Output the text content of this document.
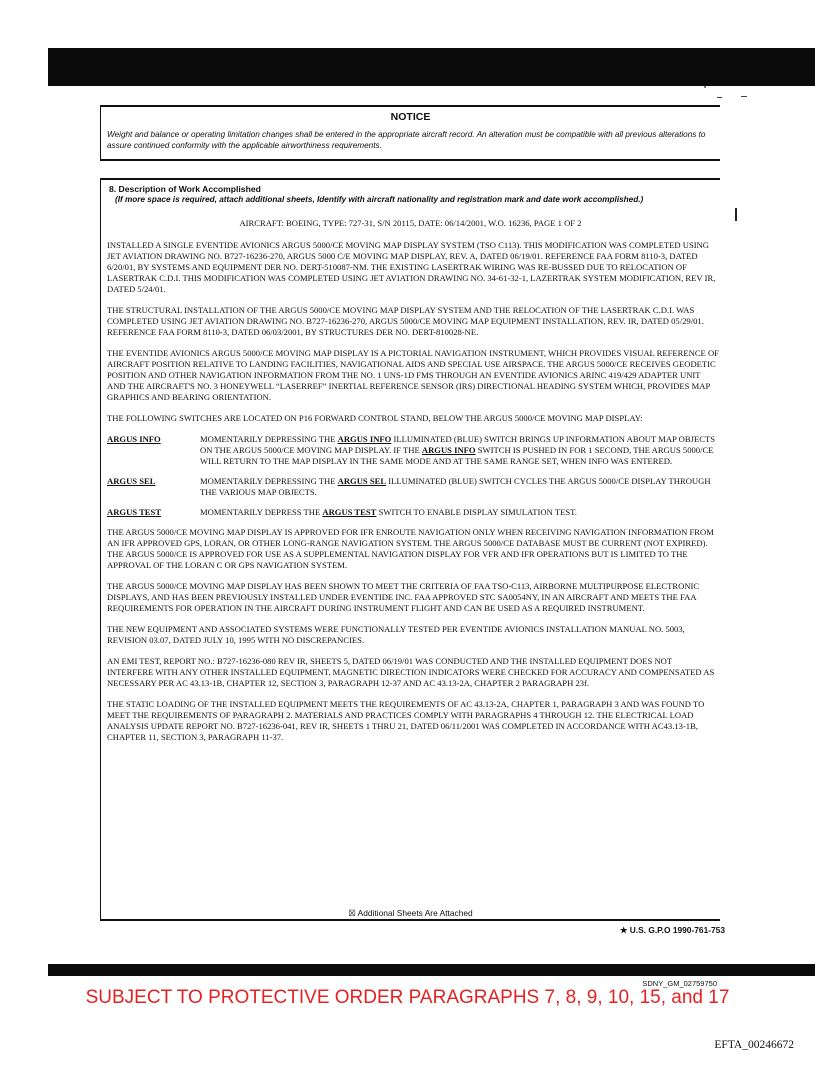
NOTICE
Weight and balance or operating limitation changes shall be entered in the appropriate aircraft record. An alteration must be compatible with all previous alterations to assure continued conformity with the applicable airworthiness requirements.
8. Description of Work Accomplished
(If more space is required, attach additional sheets, Identify with aircraft nationality and registration mark and date work accomplished.)
AIRCRAFT: BOEING, TYPE: 727-31, S/N 20115, DATE: 06/14/2001, W.O. 16236, PAGE 1 OF 2

INSTALLED A SINGLE EVENTIDE AVIONICS ARGUS 5000/CE MOVING MAP DISPLAY SYSTEM (TSO C113). THIS MODIFICATION WAS COMPLETED USING JET AVIATION DRAWING NO. B727-16236-270, ARGUS 5000 C/E MOVING MAP DISPLAY, REV. A, DATED 06/19/01. REFERENCE FAA FORM 8110-3, DATED 6/20/01, BY SYSTEMS AND EQUIPMENT DER NO. DERT-510087-NM. THE EXISTING LASERTRAK WIRING WAS RE-BUSSED DUE TO RELOCATION OF LASERTRAK C.D.I. THIS MODIFICATION WAS COMPLETED USING JET AVIATION DRAWING NO. 34-61-32-1, LAZERTRAK SYSTEM MODIFICATION, REV IR, DATED 5/24/01.

THE STRUCTURAL INSTALLATION OF THE ARGUS 5000/CE MOVING MAP DISPLAY SYSTEM AND THE RELOCATION OF THE LASERTRAK C.D.I. WAS COMPLETED USING JET AVIATION DRAWING NO. B727-16236-270, ARGUS 5000/CE MOVING MAP EQUIPMENT INSTALLATION, REV. IR, DATED 05/29/01. REFERENCE FAA FORM 8110-3, DATED 06/03/2001, BY STRUCTURES DER NO. DERT-810028-NE.

THE EVENTIDE AVIONICS ARGUS 5000/CE MOVING MAP DISPLAY IS A PICTORIAL NAVIGATION INSTRUMENT, WHICH PROVIDES VISUAL REFERENCE OF AIRCRAFT POSITION RELATIVE TO LANDING FACILITIES, NAVIGATIONAL AIDS AND SPECIAL USE AIRSPACE. THE ARGUS 5000/CE RECEIVES GEODETIC POSITION AND OTHER NAVIGATION INFORMATION FROM THE NO. 1 UNS-1D FMS THROUGH AN EVENTIDE AVIONICS ARINC 419/429 ADAPTER UNIT AND THE AIRCRAFT'S NO. 3 HONEYWELL “LASERREF” INERTIAL REFERENCE SENSOR (IRS) DIRECTIONAL HEADING SYSTEM WHICH, PROVIDES MAP GRAPHICS AND BEARING ORIENTATION.

THE FOLLOWING SWITCHES ARE LOCATED ON P16 FORWARD CONTROL STAND, BELOW THE ARGUS 5000/CE MOVING MAP DISPLAY:

ARGUS INFO	MOMENTARILY DEPRESSING THE ARGUS INFO ILLUMINATED (BLUE) SWITCH BRINGS UP INFORMATION ABOUT MAP OBJECTS ON THE ARGUS 5000/CE MOVING MAP DISPLAY. IF THE ARGUS INFO SWITCH IS PUSHED IN FOR 1 SECOND, THE ARGUS 5000/CE WILL RETURN TO THE MAP DISPLAY IN THE SAME MODE AND AT THE SAME RANGE SET, WHEN INFO WAS ENTERED.
ARGUS SEL	MOMENTARILY DEPRESSING THE ARGUS SEL ILLUMINATED (BLUE) SWITCH CYCLES THE ARGUS 5000/CE DISPLAY THROUGH THE VARIOUS MAP OBJECTS.
ARGUS TEST	MOMENTARILY DEPRESS THE ARGUS TEST SWITCH TO ENABLE DISPLAY SIMULATION TEST.

THE ARGUS 5000/CE MOVING MAP DISPLAY IS APPROVED FOR IFR ENROUTE NAVIGATION ONLY WHEN RECEIVING NAVIGATION INFORMATION FROM AN IFR APPROVED GPS, LORAN, OR OTHER LONG-RANGE NAVIGATION SYSTEM. THE ARGUS 5000/CE DATABASE MUST BE CURRENT (NOT EXPIRED). THE ARGUS 5000/CE IS APPROVED FOR USE AS A SUPPLEMENTAL NAVIGATION DISPLAY FOR VFR AND IFR OPERATIONS BUT IS LIMITED TO THE APPROVAL OF THE LORAN C OR GPS NAVIGATION SYSTEM.

THE ARGUS 5000/CE MOVING MAP DISPLAY HAS BEEN SHOWN TO MEET THE CRITERIA OF FAA TSO-C113, AIRBORNE MULTIPURPOSE ELECTRONIC DISPLAYS, AND HAS BEEN PREVIOUSLY INSTALLED UNDER EVENTIDE INC. FAA APPROVED STC SA0054NY, IN AN AIRCRAFT AND MEETS THE FAA REQUIREMENTS FOR OPERATION IN THE AIRCRAFT DURING INSTRUMENT FLIGHT AND CAN BE USED AS A REQUIRED INSTRUMENT.

THE NEW EQUIPMENT AND ASSOCIATED SYSTEMS WERE FUNCTIONALLY TESTED PER EVENTIDE AVIONICS INSTALLATION MANUAL NO. 5003, REVISION 03.07, DATED JULY 10, 1995 WITH NO DISCREPANCIES.

AN EMI TEST, REPORT NO.: B727-16236-080 REV IR, SHEETS 5, DATED 06/19/01 WAS CONDUCTED AND THE INSTALLED EQUIPMENT DOES NOT INTERFERE WITH ANY OTHER INSTALLED EQUIPMENT. MAGNETIC DIRECTION INDICATORS WERE CHECKED FOR ACCURACY AND COMPENSATED AS NECESSARY PER AC 43.13-1B, CHAPTER 12, SECTION 3, PARAGRAPH 12-37 AND AC 43.13-2A, CHAPTER 2 PARAGRAPH 23f.

THE STATIC LOADING OF THE INSTALLED EQUIPMENT MEETS THE REQUIREMENTS OF AC 43.13-2A, CHAPTER 1, PARAGRAPH 3 AND WAS FOUND TO MEET THE REQUIREMENTS OF PARAGRAPH 2. MATERIALS AND PRACTICES COMPLY WITH PARAGRAPHS 4 THROUGH 12. THE ELECTRICAL LOAD ANALYSIS UPDATE REPORT NO. B727-16236-041, REV IR, SHEETS 1 THRU 21, DATED 06/11/2001 WAS COMPLETED IN ACCORDANCE WITH AC43.13-1B, CHAPTER 11, SECTION 3, PARAGRAPH 11-37.

☒ Additional Sheets Are Attached
★ U.S. G.P.O 1990-761-753
SDNY_GM_02759750
SUBJECT TO PROTECTIVE ORDER PARAGRAPHS 7, 8, 9, 10, 15, and 17
EFTA_00246672
